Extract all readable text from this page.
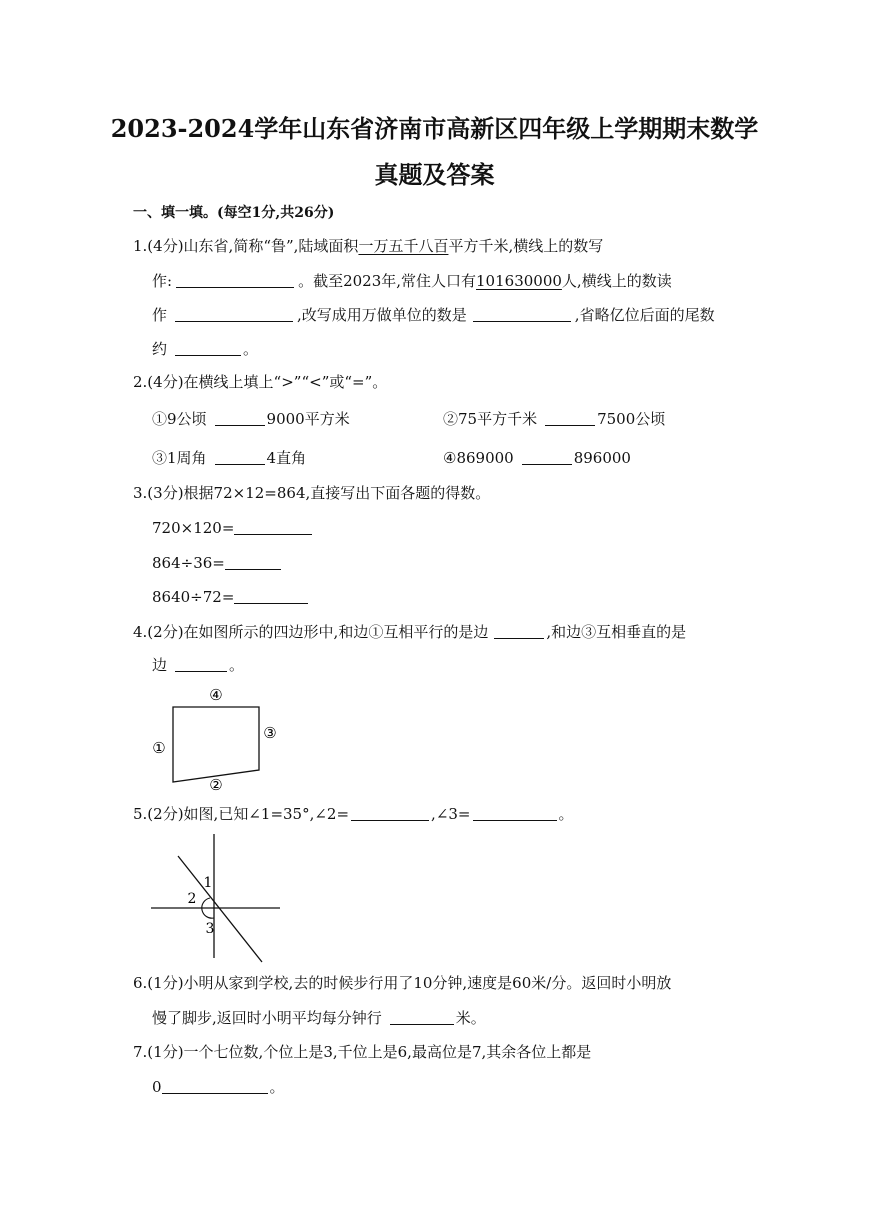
2023-2024学年山东省济南市高新区四年级上学期期末数学
真题及答案
一、填一填。(每空1分,共26分)
1.(4分)山东省,简称“鲁”,陆域面积一万五千八百平方千米,横线上的数写
作:	。截至2023年,常住人口有101630000人,横线上的数读
作	,改写成用万做单位的数是	,省略亿位后面的尾数
约	。
2.(4分)在横线上填上“>”“<”或“=”。
①9公顷	9000平方米	②75平方千米	7500公顷
③1周角	4直角	④869000	896000
3.(3分)根据72×12=864,直接写出下面各题的得数。
720×120=
864÷36=
8640÷72=
4.(2分)在如图所示的四边形中,和边①互相平行的是边	,和边③互相垂直的是
边	。
④
①
③
②
5.(2分)如图,已知∠1=35°,∠2=	,∠3=	。
1
2
3
6.(1分)小明从家到学校,去的时候步行用了10分钟,速度是60米/分。返回时小明放
慢了脚步,返回时小明平均每分钟行	米。
7.(1分)一个七位数,个位上是3,千位上是6,最高位是7,其余各位上都是
0	。
